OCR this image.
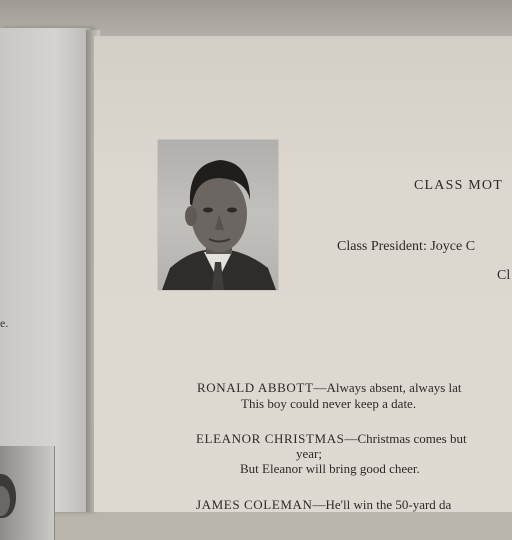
e.
CLASS MOT
Class President: Joyce C
Cl
RONALD ABBOTT—Always absent, always lat
This boy could never keep a date.
ELEANOR CHRISTMAS—Christmas comes but
year;
But Eleanor will bring good cheer.
JAMES COLEMAN—He'll win the 50-yard da
